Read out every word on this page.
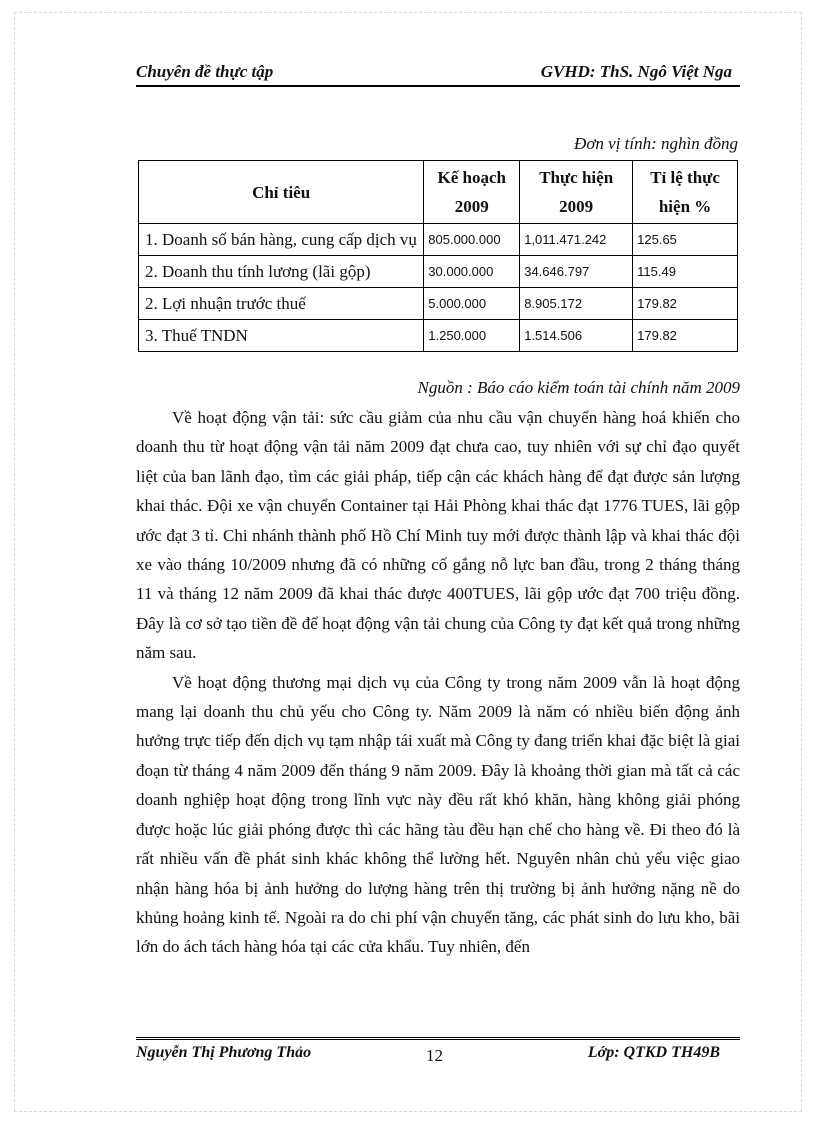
Chuyên đề thực tập	GVHD: ThS. Ngô Việt Nga
Đơn vị tính: nghìn đồng
Chỉ tiêu	Kế hoạch 2009	Thực hiện 2009	Tỉ lệ thực hiện %
1. Doanh số bán hàng, cung cấp dịch vụ	805.000.000	1,011.471.242	125.65
2. Doanh thu tính lương (lãi gộp)	30.000.000	34.646.797	115.49
2. Lợi nhuận trước thuế	5.000.000	8.905.172	179.82
3. Thuế TNDN	1.250.000	1.514.506	179.82
Nguồn : Báo cáo kiểm toán tài chính năm 2009

Về hoạt động vận tải: sức cầu giảm của nhu cầu vận chuyển hàng hoá khiến cho doanh thu từ hoạt động vận tải năm 2009 đạt chưa cao, tuy nhiên với sự chỉ đạo quyết liệt của ban lãnh đạo, tìm các giải pháp, tiếp cận các khách hàng để đạt được sản lượng khai thác. Đội xe vận chuyển Container tại Hải Phòng khai thác đạt 1776 TUES, lãi gộp ước đạt 3 tỉ. Chi nhánh thành phố Hồ Chí Minh tuy mới được thành lập và khai thác đội xe vào tháng 10/2009 nhưng đã có những cố gắng nỗ lực ban đầu, trong 2 tháng tháng 11 và tháng 12 năm 2009 đã khai thác được 400TUES, lãi gộp ước đạt 700 triệu đồng. Đây là cơ sở tạo tiền đề để hoạt động vận tải chung của Công ty đạt kết quả trong những năm sau.

Về hoạt động thương mại dịch vụ của Công ty trong năm 2009 vẫn là hoạt động mang lại doanh thu chủ yếu cho Công ty. Năm 2009 là năm có nhiều biến động ảnh hưởng trực tiếp đến dịch vụ tạm nhập tái xuất mà Công ty đang triển khai đặc biệt là giai đoạn từ tháng 4 năm 2009 đến tháng 9 năm 2009. Đây là khoảng thời gian mà tất cả các doanh nghiệp hoạt động trong lĩnh vực này đều rất khó khăn, hàng không giải phóng được hoặc lúc giải phóng được thì các hãng tàu đều hạn chế cho hàng về. Đi theo đó là rất nhiều vấn đề phát sinh khác không thể lường hết. Nguyên nhân chủ yếu việc giao nhận hàng hóa bị ảnh hưởng do lượng hàng trên thị trường bị ảnh hưởng nặng nề do khủng hoảng kinh tế. Ngoài ra do chi phí vận chuyển tăng, các phát sinh do lưu kho, bãi lớn do ách tách hàng hóa tại các cửa khẩu. Tuy nhiên, đến

Nguyễn Thị Phương Thảo	12	Lớp: QTKD TH49B
